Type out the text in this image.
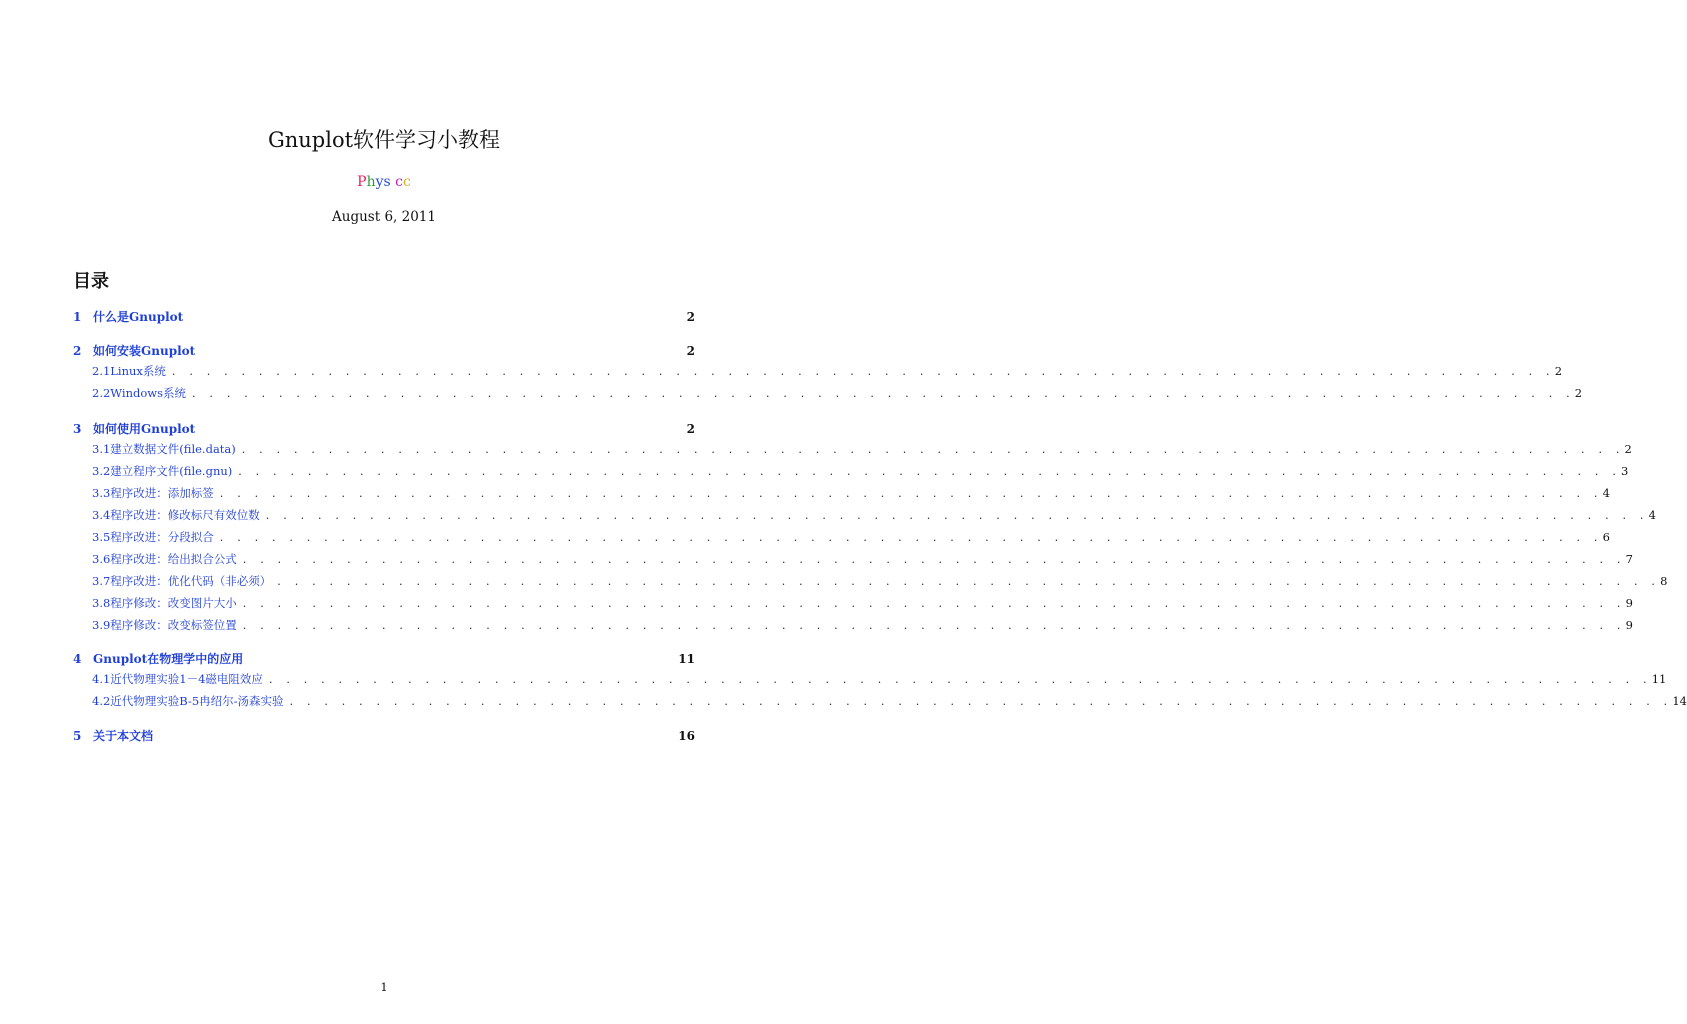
Gnuplot软件学习小教程
Phys cc
August 6, 2011
目录
1 什么是Gnuplot	2
2 如何安装Gnuplot	2
2.1 Linux系统 . . . . . . . . . . . . . . . . . . . . . . . . . . . . . . . . . . . . . . . . . . . . . . . . . . . . . . . . . . . . . . . . . . . . . . . . . . . . . . . . 2
2.2 Windows系统 . . . . . . . . . . . . . . . . . . . . . . . . . . . . . . . . . . . . . . . . . . . . . . . . . . . . . . . . . . . . . . . . . . . . . . . . . . . . . . . . 2
3 如何使用Gnuplot	2
3.1 建立数据文件(file.data) . . . . . . . . . . . . . . . . . . . . . . . . . . . . . . . . . . . . . . . . . . . . . . . . . . . . . . . . . . . . . . . . . . . . . . . . . . . . . . . . 2
3.2 建立程序文件(file.gnu) . . . . . . . . . . . . . . . . . . . . . . . . . . . . . . . . . . . . . . . . . . . . . . . . . . . . . . . . . . . . . . . . . . . . . . . . . . . . . . . . 3
3.3 程序改进：添加标签 . . . . . . . . . . . . . . . . . . . . . . . . . . . . . . . . . . . . . . . . . . . . . . . . . . . . . . . . . . . . . . . . . . . . . . . . . . . . . . . . 4
3.4 程序改进：修改标尺有效位数 . . . . . . . . . . . . . . . . . . . . . . . . . . . . . . . . . . . . . . . . . . . . . . . . . . . . . . . . . . . . . . . . . . . . . . . . . . . . . . . . 4
3.5 程序改进：分段拟合 . . . . . . . . . . . . . . . . . . . . . . . . . . . . . . . . . . . . . . . . . . . . . . . . . . . . . . . . . . . . . . . . . . . . . . . . . . . . . . . . 6
3.6 程序改进：给出拟合公式 . . . . . . . . . . . . . . . . . . . . . . . . . . . . . . . . . . . . . . . . . . . . . . . . . . . . . . . . . . . . . . . . . . . . . . . . . . . . . . . . 7
3.7 程序改进：优化代码（非必须） . . . . . . . . . . . . . . . . . . . . . . . . . . . . . . . . . . . . . . . . . . . . . . . . . . . . . . . . . . . . . . . . . . . . . . . . . . . . . . . . 8
3.8 程序修改：改变图片大小 . . . . . . . . . . . . . . . . . . . . . . . . . . . . . . . . . . . . . . . . . . . . . . . . . . . . . . . . . . . . . . . . . . . . . . . . . . . . . . . . 9
3.9 程序修改：改变标签位置 . . . . . . . . . . . . . . . . . . . . . . . . . . . . . . . . . . . . . . . . . . . . . . . . . . . . . . . . . . . . . . . . . . . . . . . . . . . . . . . . 9
4 Gnuplot在物理学中的应用	11
4.1 近代物理实验1－4磁电阻效应 . . . . . . . . . . . . . . . . . . . . . . . . . . . . . . . . . . . . . . . . . . . . . . . . . . . . . . . . . . . . . . . . . . . . . . . . . . . . . . . . 11
4.2 近代物理实验B-5冉绍尔-汤森实验 . . . . . . . . . . . . . . . . . . . . . . . . . . . . . . . . . . . . . . . . . . . . . . . . . . . . . . . . . . . . . . . . . . . . . . . . . . . . . . . . 14
5 关于本文档	16
1
